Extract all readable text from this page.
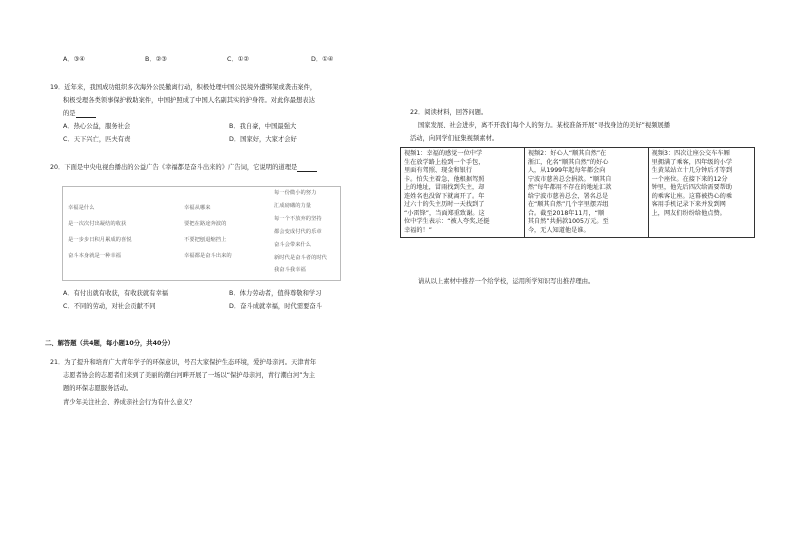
A．③④	B．②③	C．①②	D．①④
19．近年来，我国成功组织多次海外公民撤离行动，积极处理中国公民境外遭绑架或袭击案件，
积极受理各类领事保护救助案件，中国护照成了中国人名副其实的护身符。对此你最想表达
的是
A．热心公益，服务社会	B．我自豪，中国最强大
C．天下兴亡，匹夫有责	D．国家好，大家才会好
20．下面是中央电视台播出的公益广告《幸福都是奋斗出来的》广告词，它说明的道理是
幸福是什么
是一次次付出凝结的收获
是一步步日积月累成的喜悦
奋斗本身就是一种幸福
幸福从哪来
要把在路途奔波的
不要把刨退缩挡上
幸福都是奋斗出来的
每一份微小的努力
汇成磅礴的力量
每一个不放弃的坚持
都会变成付代的乐章
奋斗会带来什么
新时代是奋斗者的时代
我奋斗我幸福
A．有付出就有收获，有收获就有幸福	B．体力劳动者，值得尊敬和学习
C．不同的劳动，对社会贡献不同	D．奋斗成就幸福，时代需要奋斗
二、解答题（共4题，每小题10分，共40分）
21．为了提升和培育广大青年学子的环保意识，号召大家保护生态环境，爱护母亲河。天津青年
志愿者协会的志愿者们来到了美丽的潮白河畔开展了一场以“保护母亲河，青行潮白河”为主
题的环保志愿服务活动。
青少年关注社会、养成亲社会行为有什么意义？
22．阅读材料，回答问题。
国家发展、社会进步，离不开我们每个人的努力。某校准备开展“寻找身边的美好”视频展播
活动，向同学们征集视频素材。
视频1：幸福的感觉一位中学
生在放学路上捡到一个手包，
里面有驾照、现金和银行
卡。怕失主着急，他根据驾照
上的地址，冒雨找到失主，却
连姓名也没留下就离开了。年
过六十的失主历时一天找到了
“小雷锋”，当面郑重致谢。这
位中学生表示：“被人夸奖,还挺
幸福的！”

视频2：好心人“顺其自然”在
浙江，化名“顺其自然”的好心
人，从1999年起每年都会向
宁波市慈善总会捐款。“顺其自
然”每年都用不存在的地址汇款
给宁波市慈善总会，署名总是
在“顺其自然”几个字里摆弄组
合。截至2018年11月，“顺
其自然”共捐款1005万元。至
今，无人知道他是谁。

视频3：四次让座公交车车厢
里拥满了乘客，四年级的小学
生黄某站立十几分钟后才等到
一个座位。在接下来的12分
钟里，他先后四次给需要帮助
的乘客让座。这幕被热心的乘
客用手机记录下来并发到网
上，网友们纷纷给他点赞。
请从以上素材中推荐一个给学校，运用所学知识写出推荐理由。
